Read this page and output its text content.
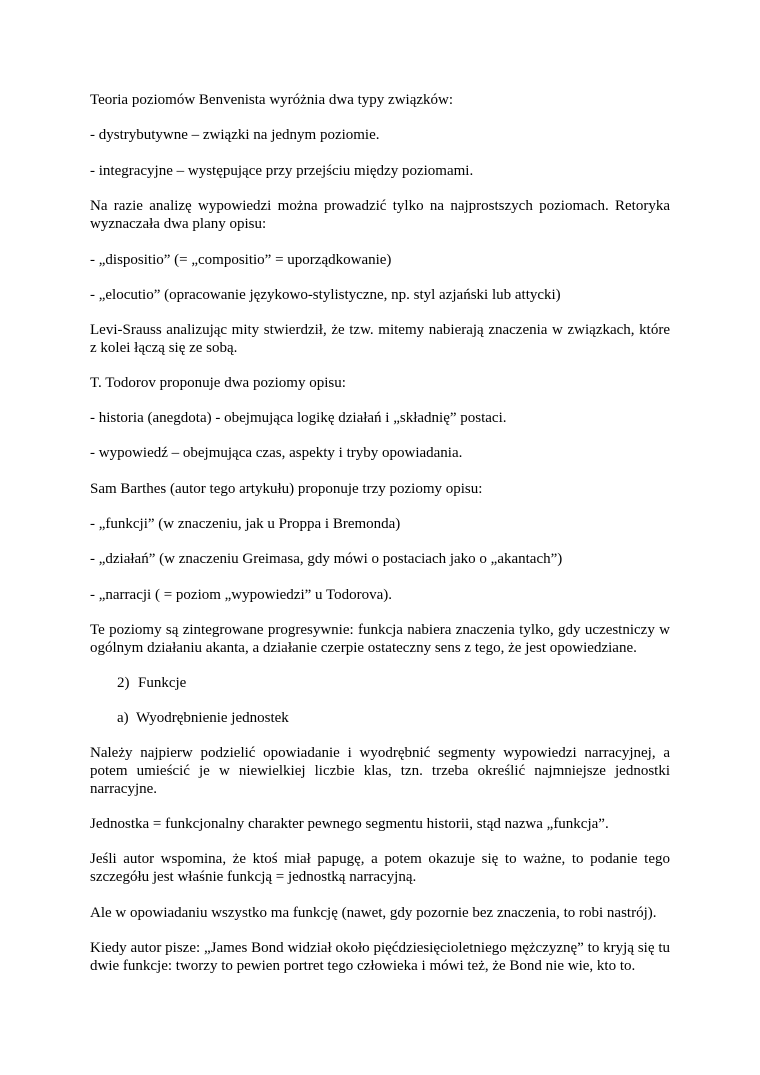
Teoria poziomów Benvenista wyróżnia dwa typy związków:

- dystrybutywne – związki na jednym poziomie.

- integracyjne – występujące przy przejściu między poziomami.

Na razie analizę wypowiedzi można prowadzić tylko na najprostszych poziomach. Retoryka wyznaczała dwa plany opisu:

- „dispositio” (= „compositio” = uporządkowanie)

- „elocutio” (opracowanie językowo-stylistyczne, np. styl azjański lub attycki)

Levi-Srauss analizując mity stwierdził, że tzw. mitemy nabierają znaczenia w związkach, które z kolei łączą się ze sobą.

T. Todorov proponuje dwa poziomy opisu:

- historia (anegdota) - obejmująca logikę działań i „składnię” postaci.

- wypowiedź – obejmująca czas, aspekty i tryby opowiadania.

Sam Barthes (autor tego artykułu) proponuje trzy poziomy opisu:

- „funkcji” (w znaczeniu, jak u Proppa i Bremonda)

- „działań” (w znaczeniu Greimasa, gdy mówi o postaciach jako o „akantach”)

- „narracji ( = poziom „wypowiedzi” u Todorova).

Te poziomy są zintegrowane progresywnie: funkcja nabiera znaczenia tylko, gdy uczestniczy w ogólnym działaniu akanta, a działanie czerpie ostateczny sens z tego, że jest opowiedziane.

2) Funkcje

a) Wyodrębnienie jednostek

Należy najpierw podzielić opowiadanie i wyodrębnić segmenty wypowiedzi narracyjnej, a potem umieścić je w niewielkiej liczbie klas, tzn. trzeba określić najmniejsze jednostki narracyjne.

Jednostka = funkcjonalny charakter pewnego segmentu historii, stąd nazwa „funkcja”.

Jeśli autor wspomina, że ktoś miał papugę, a potem okazuje się to ważne, to podanie tego szczegółu jest właśnie funkcją = jednostką narracyjną.

Ale w opowiadaniu wszystko ma funkcję (nawet, gdy pozornie bez znaczenia, to robi nastrój).

Kiedy autor pisze: „James Bond widział około pięćdziesięcioletniego mężczyznę” to kryją się tu dwie funkcje: tworzy to pewien portret tego człowieka i mówi też, że Bond nie wie, kto to.
